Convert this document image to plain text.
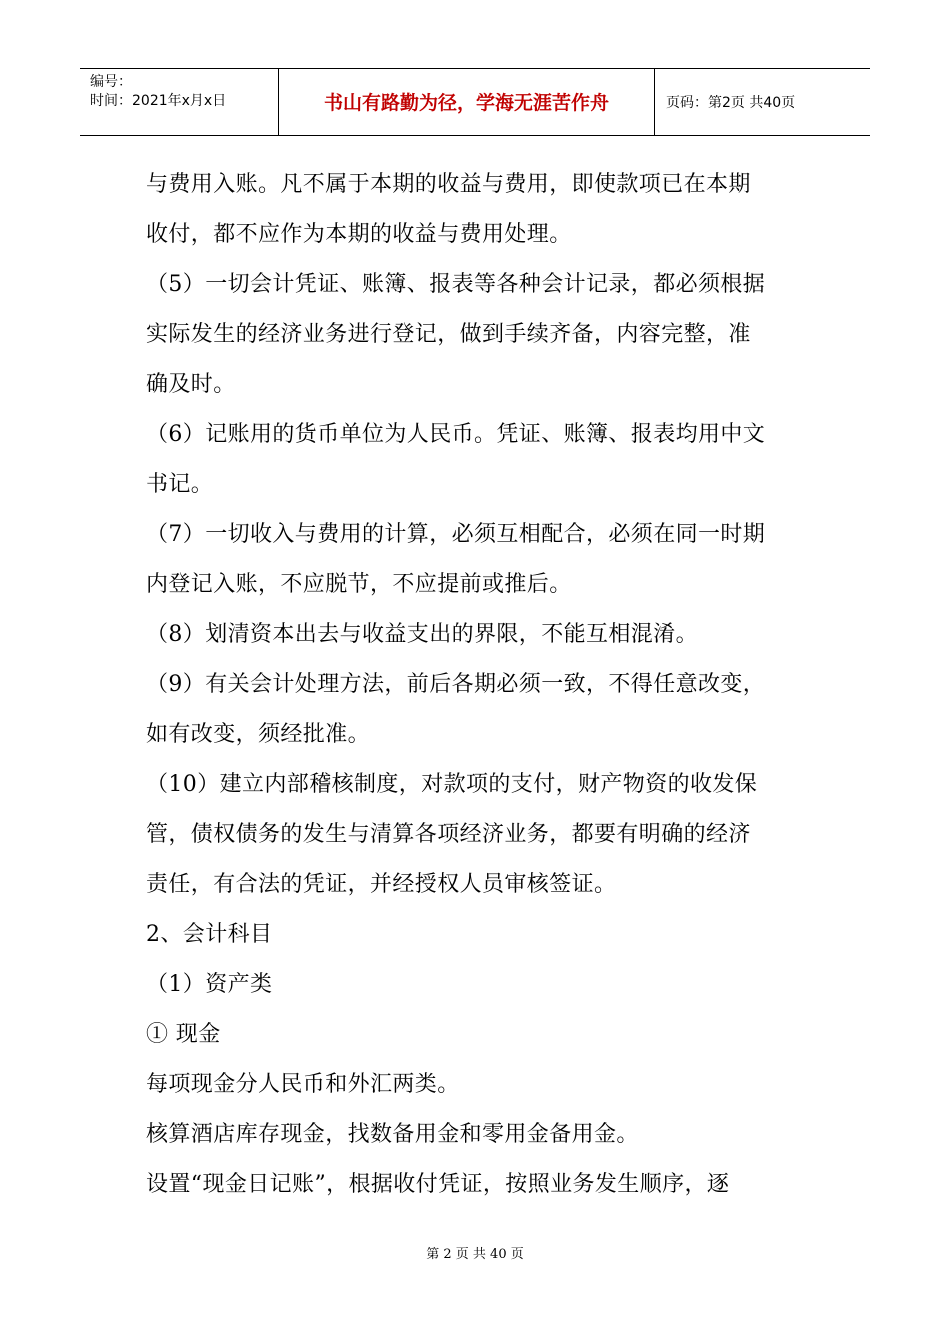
编号：
时间：2021年x月x日	书山有路勤为径，学海无涯苦作舟	页码：第2页 共40页
与费用入账。凡不属于本期的收益与费用，即使款项已在本期
收付，都不应作为本期的收益与费用处理。
（5）一切会计凭证、账簿、报表等各种会计记录，都必须根据
实际发生的经济业务进行登记，做到手续齐备，内容完整，准
确及时。
（6）记账用的货币单位为人民币。凭证、账簿、报表均用中文
书记。
（7）一切收入与费用的计算，必须互相配合，必须在同一时期
内登记入账，不应脱节，不应提前或推后。
（8）划清资本出去与收益支出的界限，不能互相混淆。
（9）有关会计处理方法，前后各期必须一致，不得任意改变，
如有改变，须经批准。
（10）建立内部稽核制度，对款项的支付，财产物资的收发保
管，债权债务的发生与清算各项经济业务，都要有明确的经济
责任，有合法的凭证，并经授权人员审核签证。
2、会计科目
（1）资产类
① 现金
每项现金分人民币和外汇两类。
核算酒店库存现金，找数备用金和零用金备用金。
设置“现金日记账”，根据收付凭证，按照业务发生顺序，逐
第 2 页 共 40 页
